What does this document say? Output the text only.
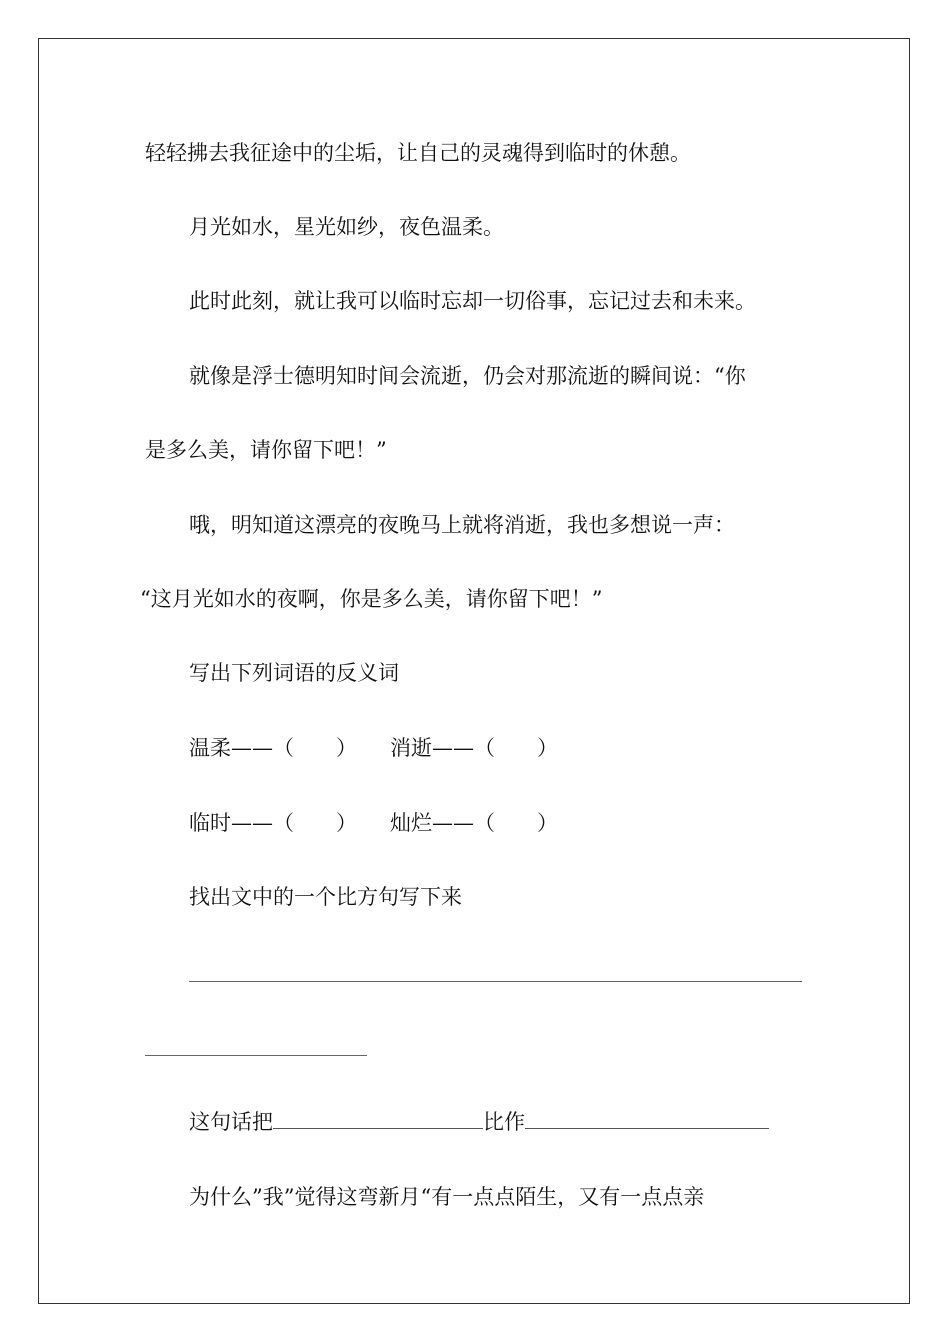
轻轻拂去我征途中的尘垢，让自己的灵魂得到临时的休憩。
月光如水，星光如纱，夜色温柔。
此时此刻，就让我可以临时忘却一切俗事，忘记过去和未来。
就像是浮士德明知时间会流逝，仍会对那流逝的瞬间说：“你
是多么美，请你留下吧！”
哦，明知道这漂亮的夜晚马上就将消逝，我也多想说一声：
“这月光如水的夜啊，你是多么美，请你留下吧！”
写出下列词语的反义词
温柔——（　　） 消逝——（　　）
临时——（　　） 灿烂——（　　）
找出文中的一个比方句写下来
这句话把	比作
为什么”我”觉得这弯新月“有一点点陌生，又有一点点亲
